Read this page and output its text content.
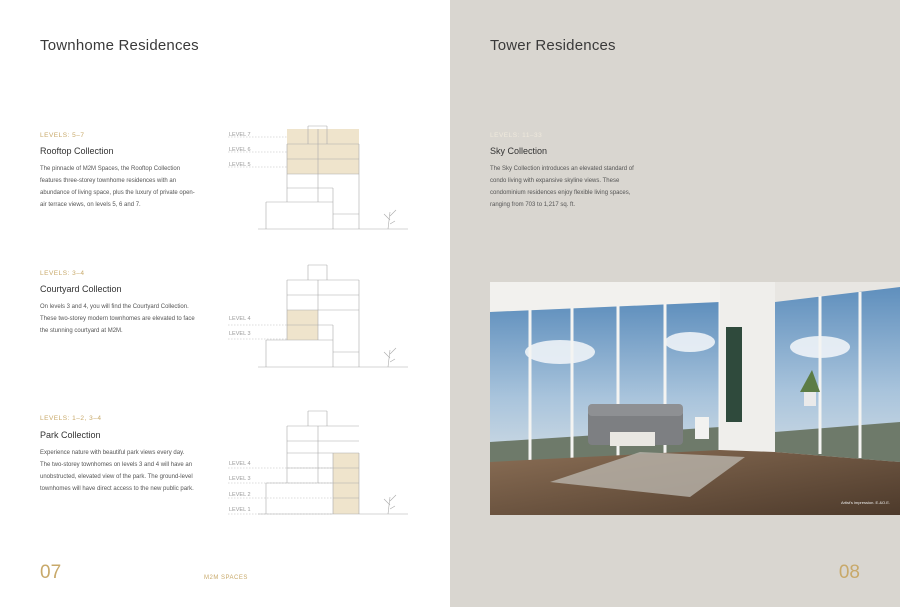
Townhome Residences
LEVELS: 5–7
Rooftop Collection
The pinnacle of M2M Spaces, the Rooftop Collection features three-storey townhome residences with an abundance of living space, plus the luxury of private open-air terrace views, on levels 5, 6 and 7.
LEVEL 7
LEVEL 6
LEVEL 5
LEVELS: 3–4
Courtyard Collection
On levels 3 and 4, you will find the Courtyard Collection. These two-storey modern townhomes are elevated to face the stunning courtyard at M2M.
LEVEL 4
LEVEL 3
LEVELS: 1–2, 3–4
Park Collection
Experience nature with beautiful park views every day. The two-storey townhomes on levels 3 and 4 will have an unobstructed, elevated view of the park. The ground-level townhomes will have direct access to the new public park.
LEVEL 4
LEVEL 3
LEVEL 2
LEVEL 1
07	M2M SPACES
Tower Residences
LEVELS: 11–33
Sky Collection
The Sky Collection introduces an elevated standard of condo living with expansive skyline views. These condominium residences enjoy flexible living spaces, ranging from 703 to 1,217 sq. ft.
Artist's impression. E.&O.E.
08
